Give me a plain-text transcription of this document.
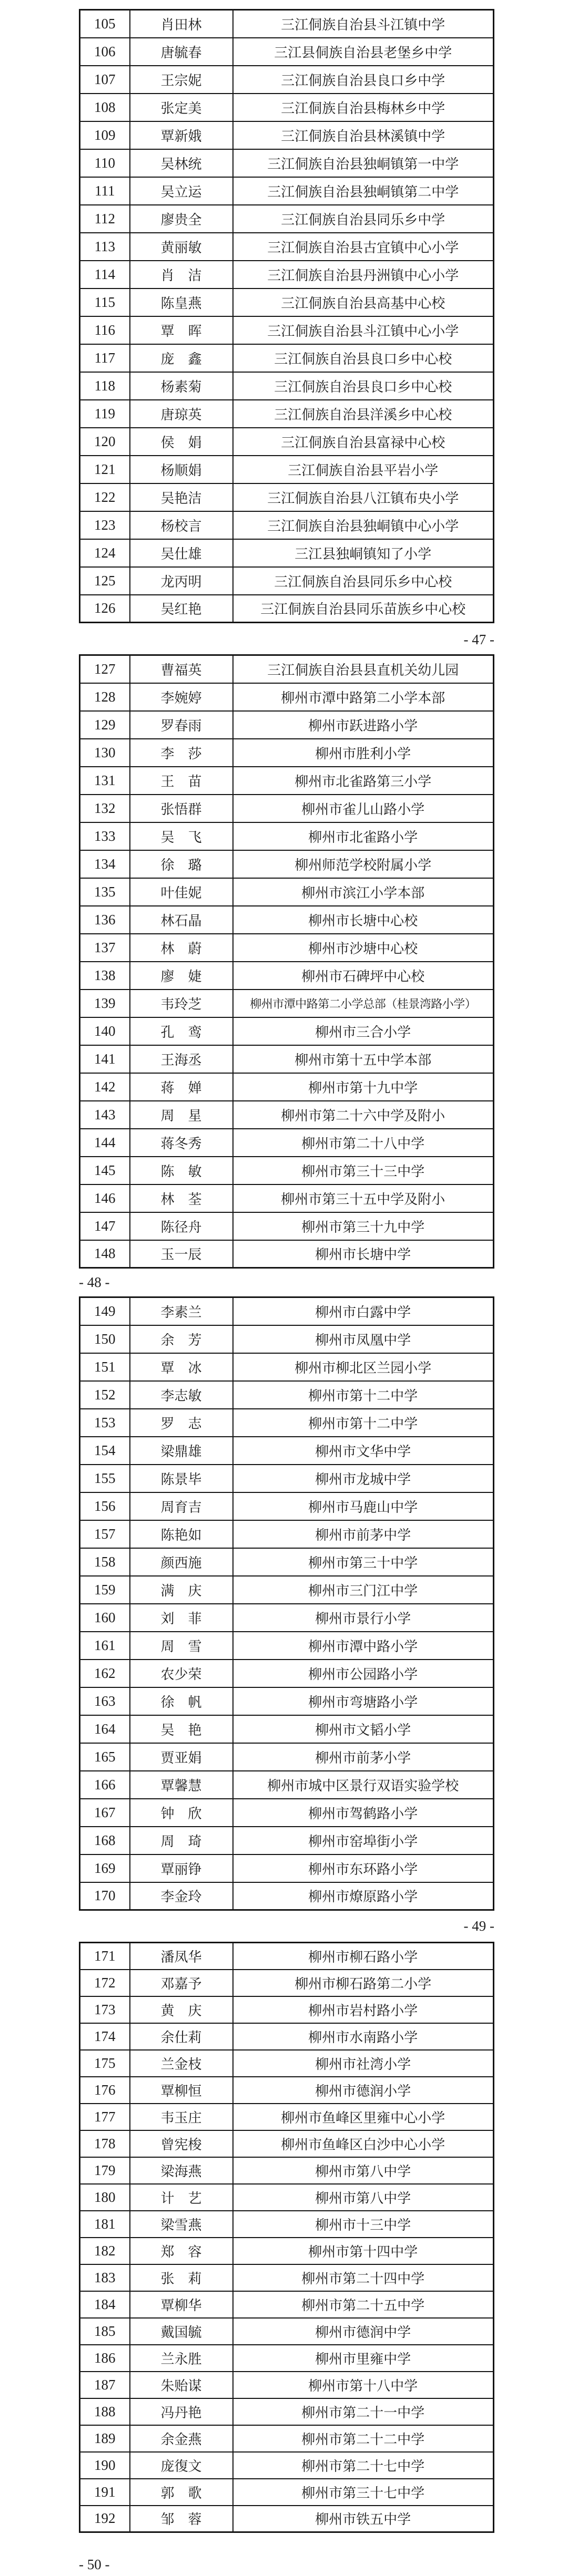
105	肖田林	三江侗族自治县斗江镇中学
106	唐毓春	三江县侗族自治县老堡乡中学
107	王宗妮	三江侗族自治县良口乡中学
108	张定美	三江侗族自治县梅林乡中学
109	覃新娥	三江侗族自治县林溪镇中学
110	吴林统	三江侗族自治县独峒镇第一中学
111	吴立运	三江侗族自治县独峒镇第二中学
112	廖贵全	三江侗族自治县同乐乡中学
113	黄丽敏	三江侗族自治县古宜镇中心小学
114	肖　洁	三江侗族自治县丹洲镇中心小学
115	陈皇燕	三江侗族自治县高基中心校
116	覃　晖	三江侗族自治县斗江镇中心小学
117	庞　鑫	三江侗族自治县良口乡中心校
118	杨素菊	三江侗族自治县良口乡中心校
119	唐琼英	三江侗族自治县洋溪乡中心校
120	侯　娟	三江侗族自治县富禄中心校
121	杨顺娟	三江侗族自治县平岩小学
122	吴艳洁	三江侗族自治县八江镇布央小学
123	杨校言	三江侗族自治县独峒镇中心小学
124	吴仕雄	三江县独峒镇知了小学
125	龙丙明	三江侗族自治县同乐乡中心校
126	吴红艳	三江侗族自治县同乐苗族乡中心校
- 47 -
127	曹福英	三江侗族自治县县直机关幼儿园
128	李婉婷	柳州市潭中路第二小学本部
129	罗春雨	柳州市跃进路小学
130	李　莎	柳州市胜利小学
131	王　苗	柳州市北雀路第三小学
132	张悟群	柳州市雀儿山路小学
133	吴　飞	柳州市北雀路小学
134	徐　璐	柳州师范学校附属小学
135	叶佳妮	柳州市滨江小学本部
136	林石晶	柳州市长塘中心校
137	林　蔚	柳州市沙塘中心校
138	廖　婕	柳州市石碑坪中心校
139	韦玲芝	柳州市潭中路第二小学总部（桂景湾路小学）
140	孔　鸾	柳州市三合小学
141	王海丞	柳州市第十五中学本部
142	蒋　婵	柳州市第十九中学
143	周　星	柳州市第二十六中学及附小
144	蒋冬秀	柳州市第二十八中学
145	陈　敏	柳州市第三十三中学
146	林　荃	柳州市第三十五中学及附小
147	陈径舟	柳州市第三十九中学
148	玉一辰	柳州市长塘中学
- 48 -
149	李素兰	柳州市白露中学
150	余　芳	柳州市凤凰中学
151	覃　冰	柳州市柳北区兰园小学
152	李志敏	柳州市第十二中学
153	罗　志	柳州市第十二中学
154	梁鼎雄	柳州市文华中学
155	陈景毕	柳州市龙城中学
156	周育吉	柳州市马鹿山中学
157	陈艳如	柳州市前茅中学
158	颜西施	柳州市第三十中学
159	满　庆	柳州市三门江中学
160	刘　菲	柳州市景行小学
161	周　雪	柳州市潭中路小学
162	农少荣	柳州市公园路小学
163	徐　帆	柳州市弯塘路小学
164	吴　艳	柳州市文韬小学
165	贾亚娟	柳州市前茅小学
166	覃馨慧	柳州市城中区景行双语实验学校
167	钟　欣	柳州市驾鹤路小学
168	周　琦	柳州市窑埠街小学
169	覃丽铮	柳州市东环路小学
170	李金玲	柳州市燎原路小学
- 49 -
171	潘凤华	柳州市柳石路小学
172	邓嘉予	柳州市柳石路第二小学
173	黄　庆	柳州市岩村路小学
174	余仕莉	柳州市水南路小学
175	兰金枝	柳州市社湾小学
176	覃柳恒	柳州市德润小学
177	韦玉庄	柳州市鱼峰区里雍中心小学
178	曾宪梭	柳州市鱼峰区白沙中心小学
179	梁海燕	柳州市第八中学
180	计　艺	柳州市第八中学
181	梁雪燕	柳州市十三中学
182	郑　容	柳州市第十四中学
183	张　莉	柳州市第二十四中学
184	覃柳华	柳州市第二十五中学
185	戴国毓	柳州市德润中学
186	兰永胜	柳州市里雍中学
187	朱贻谋	柳州市第十八中学
188	冯丹艳	柳州市第二十一中学
189	余金燕	柳州市第二十二中学
190	庞復文	柳州市第二十七中学
191	郭　歌	柳州市第三十七中学
192	邹　蓉	柳州市铁五中学
- 50 -
